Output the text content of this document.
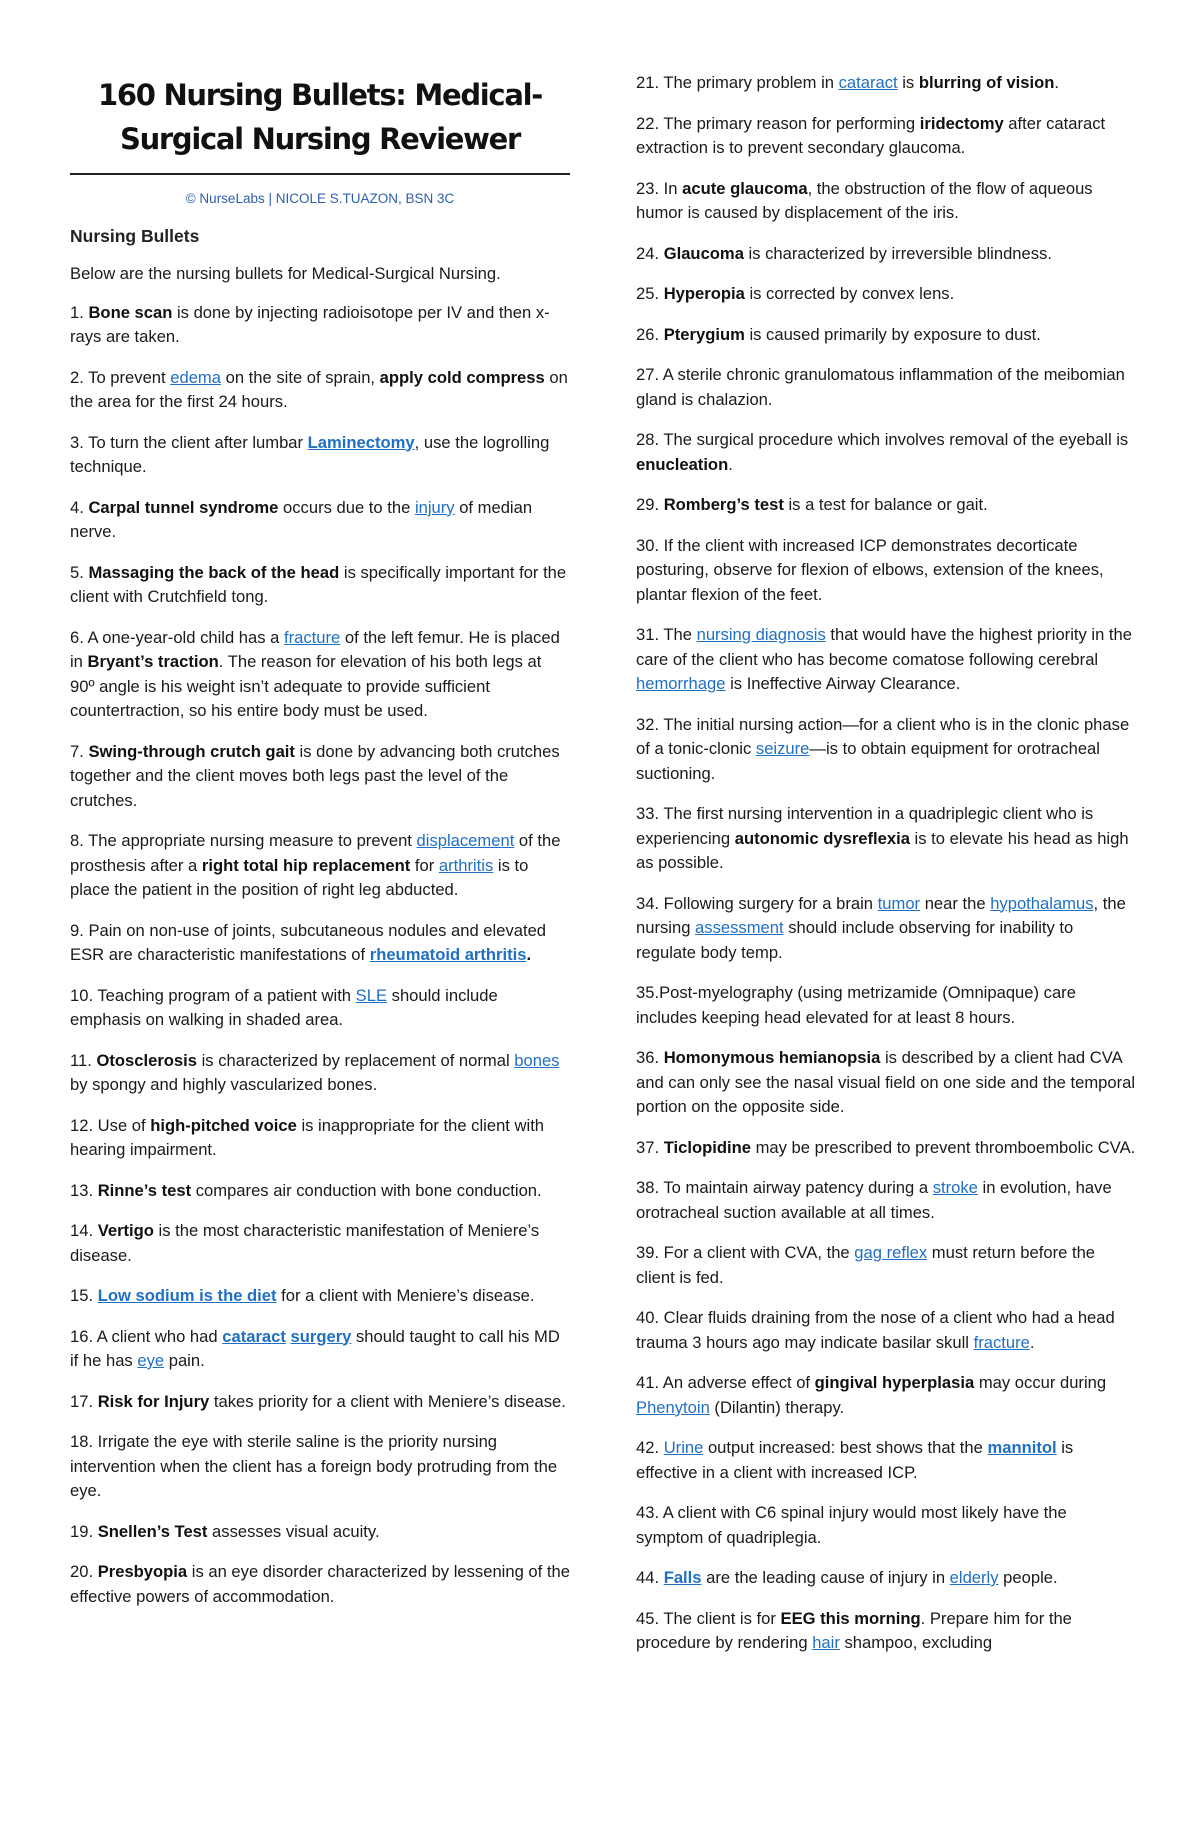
160 Nursing Bullets: Medical-
Surgical Nursing Reviewer
© NurseLabs | NICOLE S.TUAZON, BSN 3C
Nursing Bullets

Below are the nursing bullets for Medical-Surgical Nursing.

1. Bone scan is done by injecting radioisotope per IV and then x-rays are taken.
2. To prevent edema on the site of sprain, apply cold compress on the area for the first 24 hours.
3. To turn the client after lumbar Laminectomy, use the logrolling technique.
4. Carpal tunnel syndrome occurs due to the injury of median nerve.
5. Massaging the back of the head is specifically important for the client with Crutchfield tong.
6. A one-year-old child has a fracture of the left femur. He is placed in Bryant’s traction. The reason for elevation of his both legs at 90º angle is his weight isn’t adequate to provide sufficient countertraction, so his entire body must be used.
7. Swing-through crutch gait is done by advancing both crutches together and the client moves both legs past the level of the crutches.
8. The appropriate nursing measure to prevent displacement of the prosthesis after a right total hip replacement for arthritis is to place the patient in the position of right leg abducted.
9. Pain on non-use of joints, subcutaneous nodules and elevated ESR are characteristic manifestations of rheumatoid arthritis.
10. Teaching program of a patient with SLE should include emphasis on walking in shaded area.
11. Otosclerosis is characterized by replacement of normal bones by spongy and highly vascularized bones.
12. Use of high-pitched voice is inappropriate for the client with hearing impairment.
13. Rinne’s test compares air conduction with bone conduction.
14. Vertigo is the most characteristic manifestation of Meniere’s disease.
15. Low sodium is the diet for a client with Meniere’s disease.
16. A client who had cataract surgery should taught to call his MD if he has eye pain.
17. Risk for Injury takes priority for a client with Meniere’s disease.
18. Irrigate the eye with sterile saline is the priority nursing intervention when the client has a foreign body protruding from the eye.
19. Snellen’s Test assesses visual acuity.
20. Presbyopia is an eye disorder characterized by lessening of the effective powers of accommodation.
21. The primary problem in cataract is blurring of vision.
22. The primary reason for performing iridectomy after cataract extraction is to prevent secondary glaucoma.
23. In acute glaucoma, the obstruction of the flow of aqueous humor is caused by displacement of the iris.
24. Glaucoma is characterized by irreversible blindness.
25. Hyperopia is corrected by convex lens.
26. Pterygium is caused primarily by exposure to dust.
27. A sterile chronic granulomatous inflammation of the meibomian gland is chalazion.
28. The surgical procedure which involves removal of the eyeball is enucleation.
29. Romberg’s test is a test for balance or gait.
30. If the client with increased ICP demonstrates decorticate posturing, observe for flexion of elbows, extension of the knees, plantar flexion of the feet.
31. The nursing diagnosis that would have the highest priority in the care of the client who has become comatose following cerebral hemorrhage is Ineffective Airway Clearance.
32. The initial nursing action—for a client who is in the clonic phase of a tonic-clonic seizure—is to obtain equipment for orotracheal suctioning.
33. The first nursing intervention in a quadriplegic client who is experiencing autonomic dysreflexia is to elevate his head as high as possible.
34. Following surgery for a brain tumor near the hypothalamus, the nursing assessment should include observing for inability to regulate body temp.
35.Post-myelography (using metrizamide (Omnipaque) care includes keeping head elevated for at least 8 hours.
36. Homonymous hemianopsia is described by a client had CVA and can only see the nasal visual field on one side and the temporal portion on the opposite side.
37. Ticlopidine may be prescribed to prevent thromboembolic CVA.
38. To maintain airway patency during a stroke in evolution, have orotracheal suction available at all times.
39. For a client with CVA, the gag reflex must return before the client is fed.
40. Clear fluids draining from the nose of a client who had a head trauma 3 hours ago may indicate basilar skull fracture.
41. An adverse effect of gingival hyperplasia may occur during Phenytoin (Dilantin) therapy.
42. Urine output increased: best shows that the mannitol is effective in a client with increased ICP.
43. A client with C6 spinal injury would most likely have the symptom of quadriplegia.
44. Falls are the leading cause of injury in elderly people.
45. The client is for EEG this morning. Prepare him for the procedure by rendering hair shampoo, excluding
